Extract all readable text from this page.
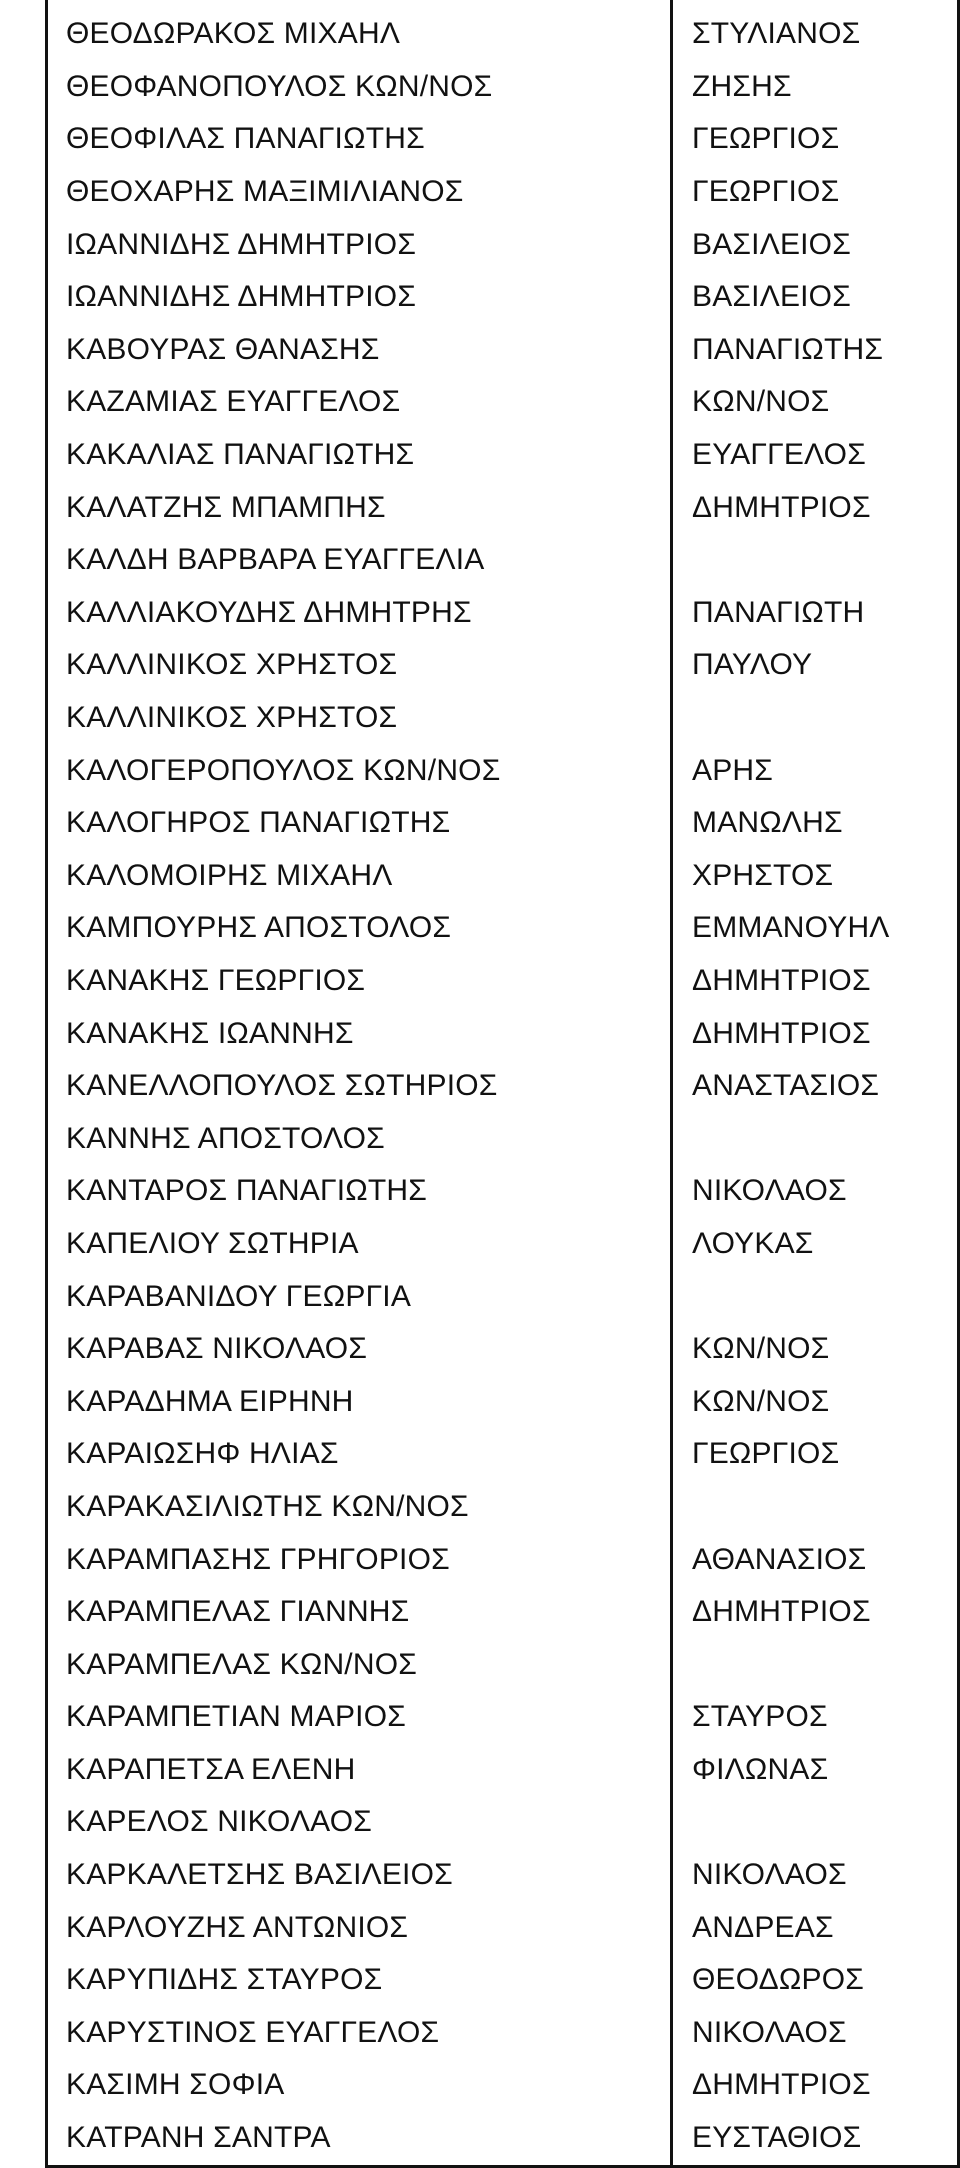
ΘΕΟΔΩΡΑΚΟΣ ΜΙΧΑΗΛ	ΣΤΥΛΙΑΝΟΣ
ΘΕΟΦΑΝΟΠΟΥΛΟΣ ΚΩΝ/ΝΟΣ	ΖΗΣΗΣ
ΘΕΟΦΙΛΑΣ ΠΑΝΑΓΙΩΤΗΣ	ΓΕΩΡΓΙΟΣ
ΘΕΟΧΑΡΗΣ ΜΑΞΙΜΙΛΙΑΝΟΣ	ΓΕΩΡΓΙΟΣ
ΙΩΑΝΝΙΔΗΣ ΔΗΜΗΤΡΙΟΣ	ΒΑΣΙΛΕΙΟΣ
ΙΩΑΝΝΙΔΗΣ ΔΗΜΗΤΡΙΟΣ	ΒΑΣΙΛΕΙΟΣ
ΚΑΒΟΥΡΑΣ ΘΑΝΑΣΗΣ	ΠΑΝΑΓΙΩΤΗΣ
ΚΑΖΑΜΙΑΣ ΕΥΑΓΓΕΛΟΣ	ΚΩΝ/ΝΟΣ
ΚΑΚΑΛΙΑΣ ΠΑΝΑΓΙΩΤΗΣ	ΕΥΑΓΓΕΛΟΣ
ΚΑΛΑΤΖΗΣ ΜΠΑΜΠΗΣ	ΔΗΜΗΤΡΙΟΣ
ΚΑΛΔΗ ΒΑΡΒΑΡΑ ΕΥΑΓΓΕΛΙΑ
ΚΑΛΛΙΑΚΟΥΔΗΣ ΔΗΜΗΤΡΗΣ	ΠΑΝΑΓΙΩΤΗ
ΚΑΛΛΙΝΙΚΟΣ ΧΡΗΣΤΟΣ	ΠΑΥΛΟΥ
ΚΑΛΛΙΝΙΚΟΣ ΧΡΗΣΤΟΣ
ΚΑΛΟΓΕΡΟΠΟΥΛΟΣ ΚΩΝ/ΝΟΣ	ΑΡΗΣ
ΚΑΛΟΓΗΡΟΣ ΠΑΝΑΓΙΩΤΗΣ	ΜΑΝΩΛΗΣ
ΚΑΛΟΜΟΙΡΗΣ ΜΙΧΑΗΛ	ΧΡΗΣΤΟΣ
ΚΑΜΠΟΥΡΗΣ ΑΠΟΣΤΟΛΟΣ	ΕΜΜΑΝΟΥΗΛ
ΚΑΝΑΚΗΣ ΓΕΩΡΓΙΟΣ	ΔΗΜΗΤΡΙΟΣ
ΚΑΝΑΚΗΣ ΙΩΑΝΝΗΣ	ΔΗΜΗΤΡΙΟΣ
ΚΑΝΕΛΛΟΠΟΥΛΟΣ ΣΩΤΗΡΙΟΣ	ΑΝΑΣΤΑΣΙΟΣ
ΚΑΝΝΗΣ ΑΠΟΣΤΟΛΟΣ
ΚΑΝΤΑΡΟΣ ΠΑΝΑΓΙΩΤΗΣ	ΝΙΚΟΛΑΟΣ
ΚΑΠΕΛΙΟΥ ΣΩΤΗΡΙΑ	ΛΟΥΚΑΣ
ΚΑΡΑΒΑΝΙΔΟΥ ΓΕΩΡΓΙΑ
ΚΑΡΑΒΑΣ ΝΙΚΟΛΑΟΣ	ΚΩΝ/ΝΟΣ
ΚΑΡΑΔΗΜΑ ΕΙΡΗΝΗ	ΚΩΝ/ΝΟΣ
ΚΑΡΑΙΩΣΗΦ ΗΛΙΑΣ	ΓΕΩΡΓΙΟΣ
ΚΑΡΑΚΑΣΙΛΙΩΤΗΣ ΚΩΝ/ΝΟΣ
ΚΑΡΑΜΠΑΣΗΣ ΓΡΗΓΟΡΙΟΣ	ΑΘΑΝΑΣΙΟΣ
ΚΑΡΑΜΠΕΛΑΣ ΓΙΑΝΝΗΣ	ΔΗΜΗΤΡΙΟΣ
ΚΑΡΑΜΠΕΛΑΣ ΚΩΝ/ΝΟΣ
ΚΑΡΑΜΠΕΤΙΑΝ ΜΑΡΙΟΣ	ΣΤΑΥΡΟΣ
ΚΑΡΑΠΕΤΣΑ ΕΛΕΝΗ	ΦΙΛΩΝΑΣ
ΚΑΡΕΛΟΣ ΝΙΚΟΛΑΟΣ
ΚΑΡΚΑΛΕΤΣΗΣ ΒΑΣΙΛΕΙΟΣ	ΝΙΚΟΛΑΟΣ
ΚΑΡΛΟΥΖΗΣ ΑΝΤΩΝΙΟΣ	ΑΝΔΡΕΑΣ
ΚΑΡΥΠΙΔΗΣ ΣΤΑΥΡΟΣ	ΘΕΟΔΩΡΟΣ
ΚΑΡΥΣΤΙΝΟΣ ΕΥΑΓΓΕΛΟΣ	ΝΙΚΟΛΑΟΣ
ΚΑΣΙΜΗ ΣΟΦΙΑ	ΔΗΜΗΤΡΙΟΣ
ΚΑΤΡΑΝΗ ΣΑΝΤΡΑ	ΕΥΣΤΑΘΙΟΣ
